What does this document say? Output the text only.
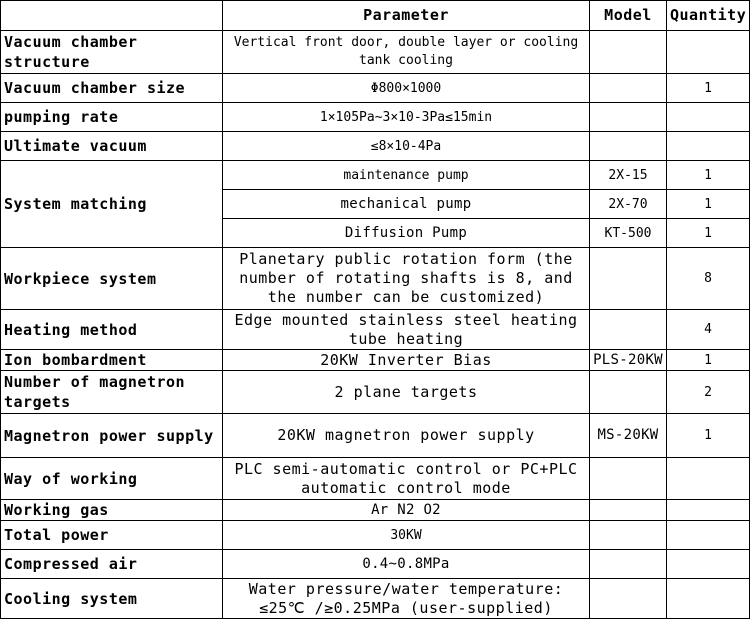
	Parameter	Model	Quantity
Vacuum chamber structure	Vertical front door, double layer or cooling tank cooling		
Vacuum chamber size	Φ800×1000		1
pumping rate	1×105Pa~3×10-3Pa≤15min		
Ultimate vacuum	≤8×10-4Pa		
System matching	maintenance pump	2X-15	1
	mechanical pump	2X-70	1
	Diffusion Pump	KT-500	1
Workpiece system	Planetary public rotation form (the number of rotating shafts is 8, and the number can be customized)		8
Heating method	Edge mounted stainless steel heating tube heating		4
Ion bombardment	20KW Inverter Bias	PLS-20KW	1
Number of magnetron targets	2 plane targets		2
Magnetron power supply	20KW magnetron power supply	MS-20KW	1
Way of working	PLC semi-automatic control or PC+PLC automatic control mode		
Working gas	Ar N2 O2		
Total power	30KW		
Compressed air	0.4~0.8MPa		
Cooling system	Water pressure/water temperature: ≤25℃ /≥0.25MPa (user-supplied)		
